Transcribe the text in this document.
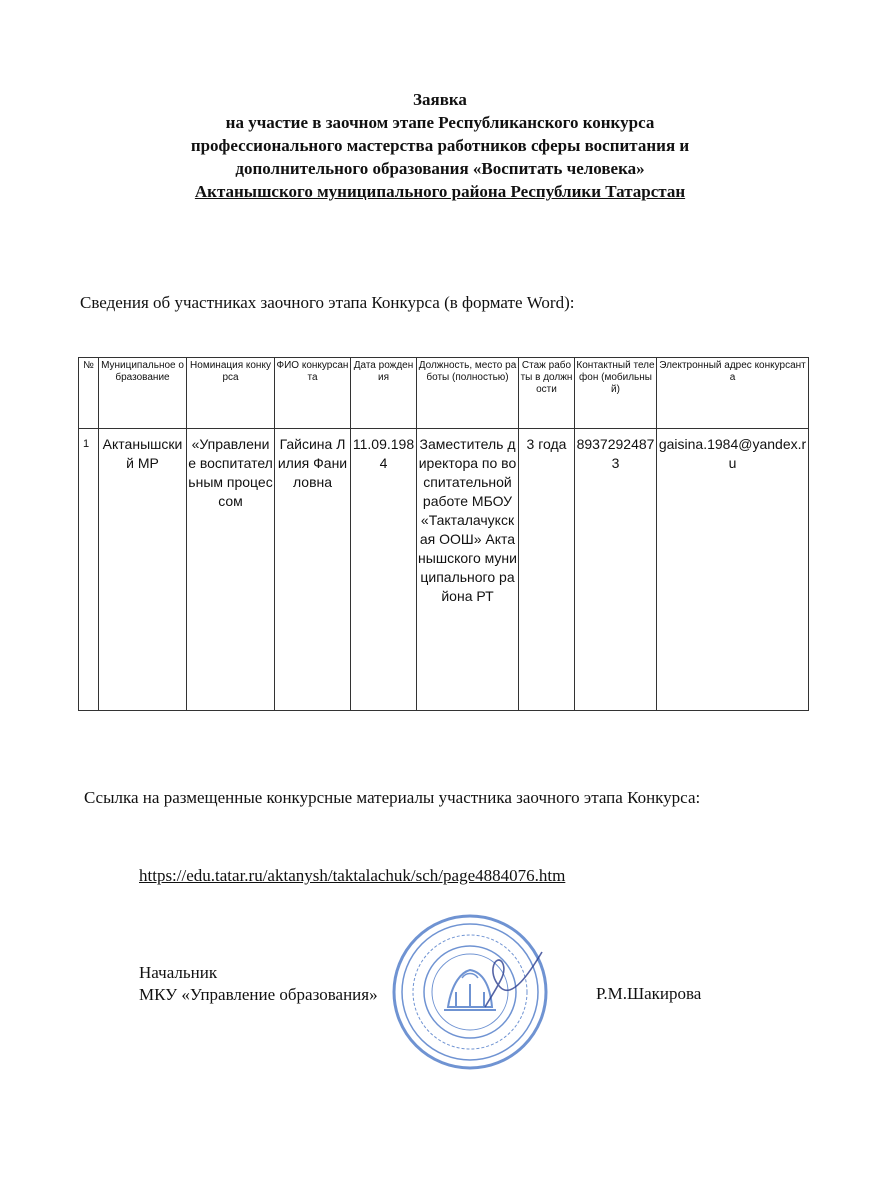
Заявка
на участие в заочном этапе Республиканского конкурса
профессионального мастерства работников сферы воспитания и
дополнительного образования «Воспитать человека»
Актанышского муниципального района Республики Татарстан
Сведения об участниках заочного этапа Конкурса (в формате Word):
№	Муниципальное образование	Номинация конкурса	ФИО конкурсанта	Дата рождения	Должность, место работы (полностью)	Стаж работы в должности	Контактный телефон (мобильный)	Электронный адрес конкурсанта
1	Актанышский МР	«Управление воспитательным процессом	Гайсина Лилия Фаниловна	11.09.1984	Заместитель директора по воспитательной работе МБОУ «Такталачукская ООШ» Актанышского муниципального района РТ	3 года	89372924873	gaisina.1984@yandex.ru
Ссылка на размещенные конкурсные материалы участника заочного этапа Конкурса:
https://edu.tatar.ru/aktanysh/taktalachuk/sch/page4884076.htm
Начальник
МКУ «Управление образования»	Р.М.Шакирова
